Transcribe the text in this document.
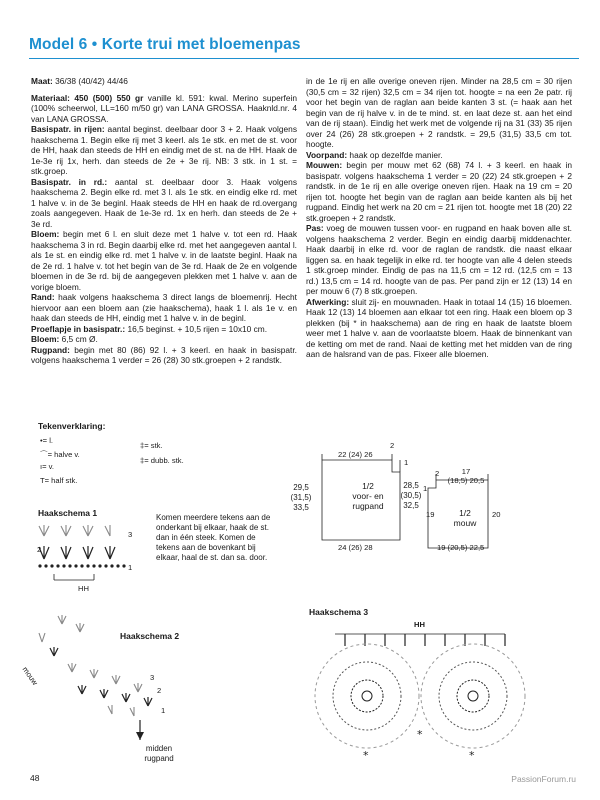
Model 6 • Korte trui met bloemenpas

Maat: 36/38 (40/42) 44/46

Materiaal: 450 (500) 550 gr vanille kl. 591: kwal. Merino superfein (100% scheerwol, LL=160 m/50 gr) van LANA GROSSA. Haaknld.nr. 4 van LANA GROSSA.

Basispatr. in rijen: aantal beginst. deelbaar door 3 + 2. Haak volgens haakschema 1. Begin elke rij met 3 keerl. als 1e stk. en met de st. voor de HH, haak dan steeds de HH en eindig met de st. na de HH. Haak de 1e-3e rij 1x, herh. dan steeds de 2e + 3e rij. NB: 3 stk. in 1 st. = stk.groep.

Basispatr. in rd.: aantal st. deelbaar door 3. Haak volgens haakschema 2. Begin elke rd. met 3 l. als 1e stk. en eindig elke rd. met 1 halve v. in de 3e beginl. Haak steeds de HH en haak de rd.overgang zoals aangegeven. Haak de 1e-3e rd. 1x en herh. dan steeds de 2e + 3e rd.

Bloem: begin met 6 l. en sluit deze met 1 halve v. tot een rd. Haak haakschema 3 in rd. Begin daarbij elke rd. met het aangegeven aantal l. als 1e st. en eindig elke rd. met 1 halve v. in de laatste beginl. Haak na de 2e rd. 1 halve v. tot het begin van de 3e rd. Haak de 2e en volgende bloemen in de 3e rd. bij de aangegeven plekken met 1 halve v. aan de vorige bloem.

Rand: haak volgens haakschema 3 direct langs de bloemenrij. Hecht hiervoor aan een bloem aan (zie haakschema), haak 1 l. als 1e v. en haak dan steeds de HH, eindig met 1 halve v. in de beginl.

Proeflapje in basispatr.: 16,5 beginst. + 10,5 rijen = 10x10 cm.

Bloem: 6,5 cm Ø.

Rugpand: begin met 80 (86) 92 l. + 3 keerl. en haak in basispatr. volgens haakschema 1 verder = 26 (28) 30 stk.groepen + 2 randstk.

in de 1e rij en alle overige oneven rijen. Minder na 28,5 cm = 30 rijen (30,5 cm = 32 rijen) 32,5 cm = 34 rijen tot. hoogte = na een 2e patr. rij voor het begin van de raglan aan beide kanten 3 st. (= haak aan het begin van de rij halve v. in de te mind. st. en laat deze st. aan het eind van de rij staan). Eindig het werk met de volgende rij na 31 (33) 35 rijen over 24 (26) 28 stk.groepen + 2 randstk. = 29,5 (31,5) 33,5 cm tot. hoogte.

Voorpand: haak op dezelfde manier.

Mouwen: begin per mouw met 62 (68) 74 l. + 3 keerl. en haak in basispatr. volgens haakschema 1 verder = 20 (22) 24 stk.groepen + 2 randstk. in de 1e rij en alle overige oneven rijen. Haak na 19 cm = 20 rijen tot. hoogte het begin van de raglan aan beide kanten als bij het rugpand. Eindig het werk na 20 cm = 21 rijen tot. hoogte met 18 (20) 22 stk.groepen + 2 randstk.

Pas: voeg de mouwen tussen voor- en rugpand en haak boven alle st. volgens haakschema 2 verder. Begin en eindig daarbij middenachter. Haak daarbij in elke rd. voor de raglan de randstk. die naast elkaar liggen sa. en haak tegelijk in elke rd. ter hoogte van alle 4 delen steeds 1 stk.groep minder. Eindig de pas na 11,5 cm = 12 rd. (12,5 cm = 13 rd.) 13,5 cm = 14 rd. hoogte van de pas. Per pand zijn er 12 (13) 14 en per mouw 6 (7) 8 stk.groepen.

Afwerking: sluit zij- en mouwnaden. Haak in totaal 14 (15) 16 bloemen. Haak 12 (13) 14 bloemen aan elkaar tot een ring. Haak een bloem op 3 plekken (bij * in haakschema) aan de ring en haak de laatste bloem weer met 1 halve v. aan de voorlaatste bloem. Haak de binnenkant van de ketting om met de rand. Naai de ketting met het midden van de ring aan de halsrand van de pas. Fixeer alle bloemen.

Tekenverklaring:
•= l.
⌒= halve v.
ı= v.
T= half stk.
‡= stk.
‡= dubb. stk.
Haakschema 1
3
2
1
HH
Komen meerdere tekens aan de onderkant bij elkaar, haak de st. dan in één steek. Komen de tekens aan de bovenkant bij elkaar, haal de st. dan sa. door.
22 (24) 26
2
1
29,5
(31,5)
33,5
28,5
(30,5)
32,5
1/2
voor- en
rugpand
24 (26) 28
2	17
(18,5) 20,5
1
19	20
1/2
mouw
19 (20,5) 22,5
Haakschema 2
mouw	3
2
1
midden
rugpand
Haakschema 3
HH
*
*
*
48	PassionForum.ru
